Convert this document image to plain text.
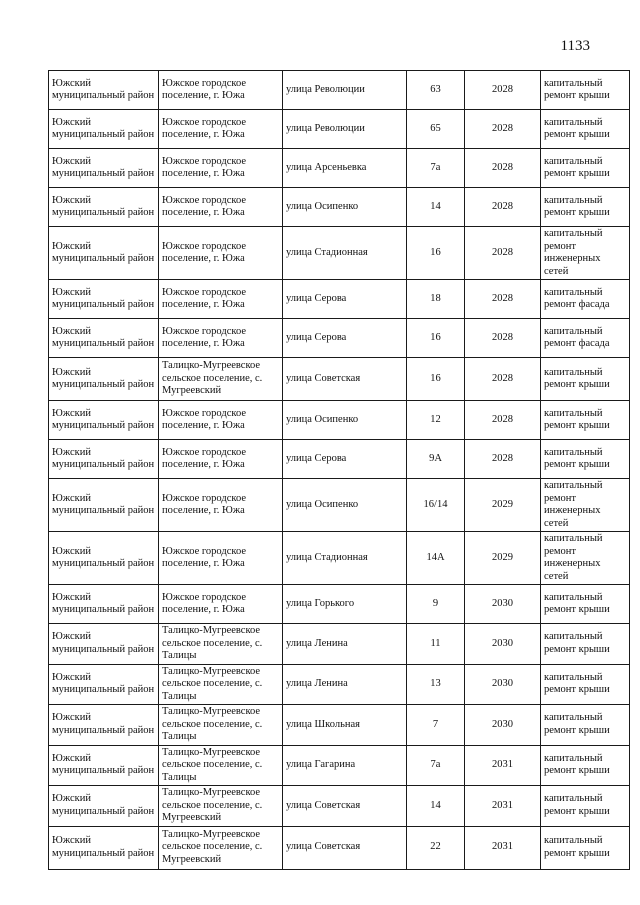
1133
Южский муниципальный район	Южское городское поселение, г. Южа	улица Революции	63	2028	капитальный ремонт крыши
Южский муниципальный район	Южское городское поселение, г. Южа	улица Революции	65	2028	капитальный ремонт крыши
Южский муниципальный район	Южское городское поселение, г. Южа	улица Арсеньевка	7а	2028	капитальный ремонт крыши
Южский муниципальный район	Южское городское поселение, г. Южа	улица Осипенко	14	2028	капитальный ремонт крыши
Южский муниципальный район	Южское городское поселение, г. Южа	улица Стадионная	16	2028	капитальный ремонт инженерных сетей
Южский муниципальный район	Южское городское поселение, г. Южа	улица Серова	18	2028	капитальный ремонт фасада
Южский муниципальный район	Южское городское поселение, г. Южа	улица Серова	16	2028	капитальный ремонт фасада
Южский муниципальный район	Талицко-Мугреевское сельское поселение, с. Мугреевский	улица Советская	16	2028	капитальный ремонт крыши
Южский муниципальный район	Южское городское поселение, г. Южа	улица Осипенко	12	2028	капитальный ремонт крыши
Южский муниципальный район	Южское городское поселение, г. Южа	улица Серова	9А	2028	капитальный ремонт крыши
Южский муниципальный район	Южское городское поселение, г. Южа	улица Осипенко	16/14	2029	капитальный ремонт инженерных сетей
Южский муниципальный район	Южское городское поселение, г. Южа	улица Стадионная	14А	2029	капитальный ремонт инженерных сетей
Южский муниципальный район	Южское городское поселение, г. Южа	улица Горького	9	2030	капитальный ремонт крыши
Южский муниципальный район	Талицко-Мугреевское сельское поселение, с. Талицы	улица Ленина	11	2030	капитальный ремонт крыши
Южский муниципальный район	Талицко-Мугреевское сельское поселение, с. Талицы	улица Ленина	13	2030	капитальный ремонт крыши
Южский муниципальный район	Талицко-Мугреевское сельское поселение, с. Талицы	улица Школьная	7	2030	капитальный ремонт крыши
Южский муниципальный район	Талицко-Мугреевское сельское поселение, с. Талицы	улица Гагарина	7а	2031	капитальный ремонт крыши
Южский муниципальный район	Талицко-Мугреевское сельское поселение, с. Мугреевский	улица Советская	14	2031	капитальный ремонт крыши
Южский муниципальный район	Талицко-Мугреевское сельское поселение, с. Мугреевский	улица Советская	22	2031	капитальный ремонт крыши
